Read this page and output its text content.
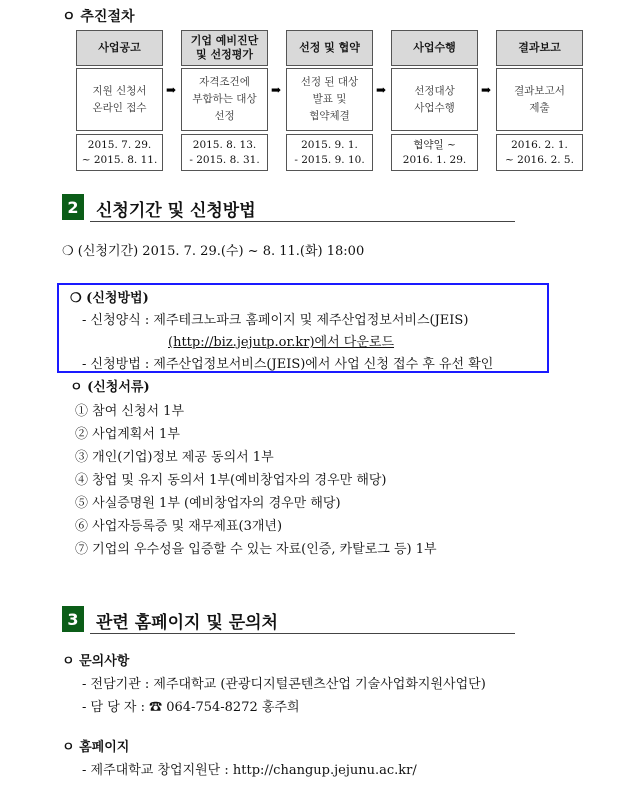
ㅇ 추진절차
사업공고
지원 신청서
온라인 접수
2015. 7. 29.
~ 2015. 8. 11.
➡
기업 예비진단
및 선정평가
자격조건에
부합하는 대상
선정
2015. 8. 13.
- 2015. 8. 31.
➡
선정 및 협약
선정 된 대상
발표 및
협약체결
2015. 9. 1.
- 2015. 9. 10.
➡
사업수행
선정대상
사업수행
협약일 ~
2016. 1. 29.
➡
결과보고
결과보고서
제출
2016. 2. 1.
~ 2016. 2. 5.
2	신청기간 및 신청방법
❍ (신청기간) 2015. 7. 29.(수) ~ 8. 11.(화) 18:00
❍ (신청방법)
- 신청양식 : 제주테크노파크 홈페이지 및 제주산업정보서비스(JEIS)
(http://biz.jejutp.or.kr)에서 다운로드
- 신청방법 : 제주산업정보서비스(JEIS)에서 사업 신청 접수 후 유선 확인
ㅇ (신청서류)
① 참여 신청서 1부
② 사업계획서 1부
③ 개인(기업)정보 제공 동의서 1부
④ 창업 및 유지 동의서 1부(예비창업자의 경우만 해당)
⑤ 사실증명원 1부 (예비창업자의 경우만 해당)
⑥ 사업자등록증 및 재무제표(3개년)
⑦ 기업의 우수성을 입증할 수 있는 자료(인증, 카탈로그 등) 1부
3	관련 홈페이지 및 문의처
ㅇ 문의사항
- 전담기관 : 제주대학교 (관광디지털콘텐츠산업 기술사업화지원사업단)
- 담 당 자 : ☎ 064-754-8272 홍주희
ㅇ 홈페이지
- 제주대학교 창업지원단 : http://changup.jejunu.ac.kr/
